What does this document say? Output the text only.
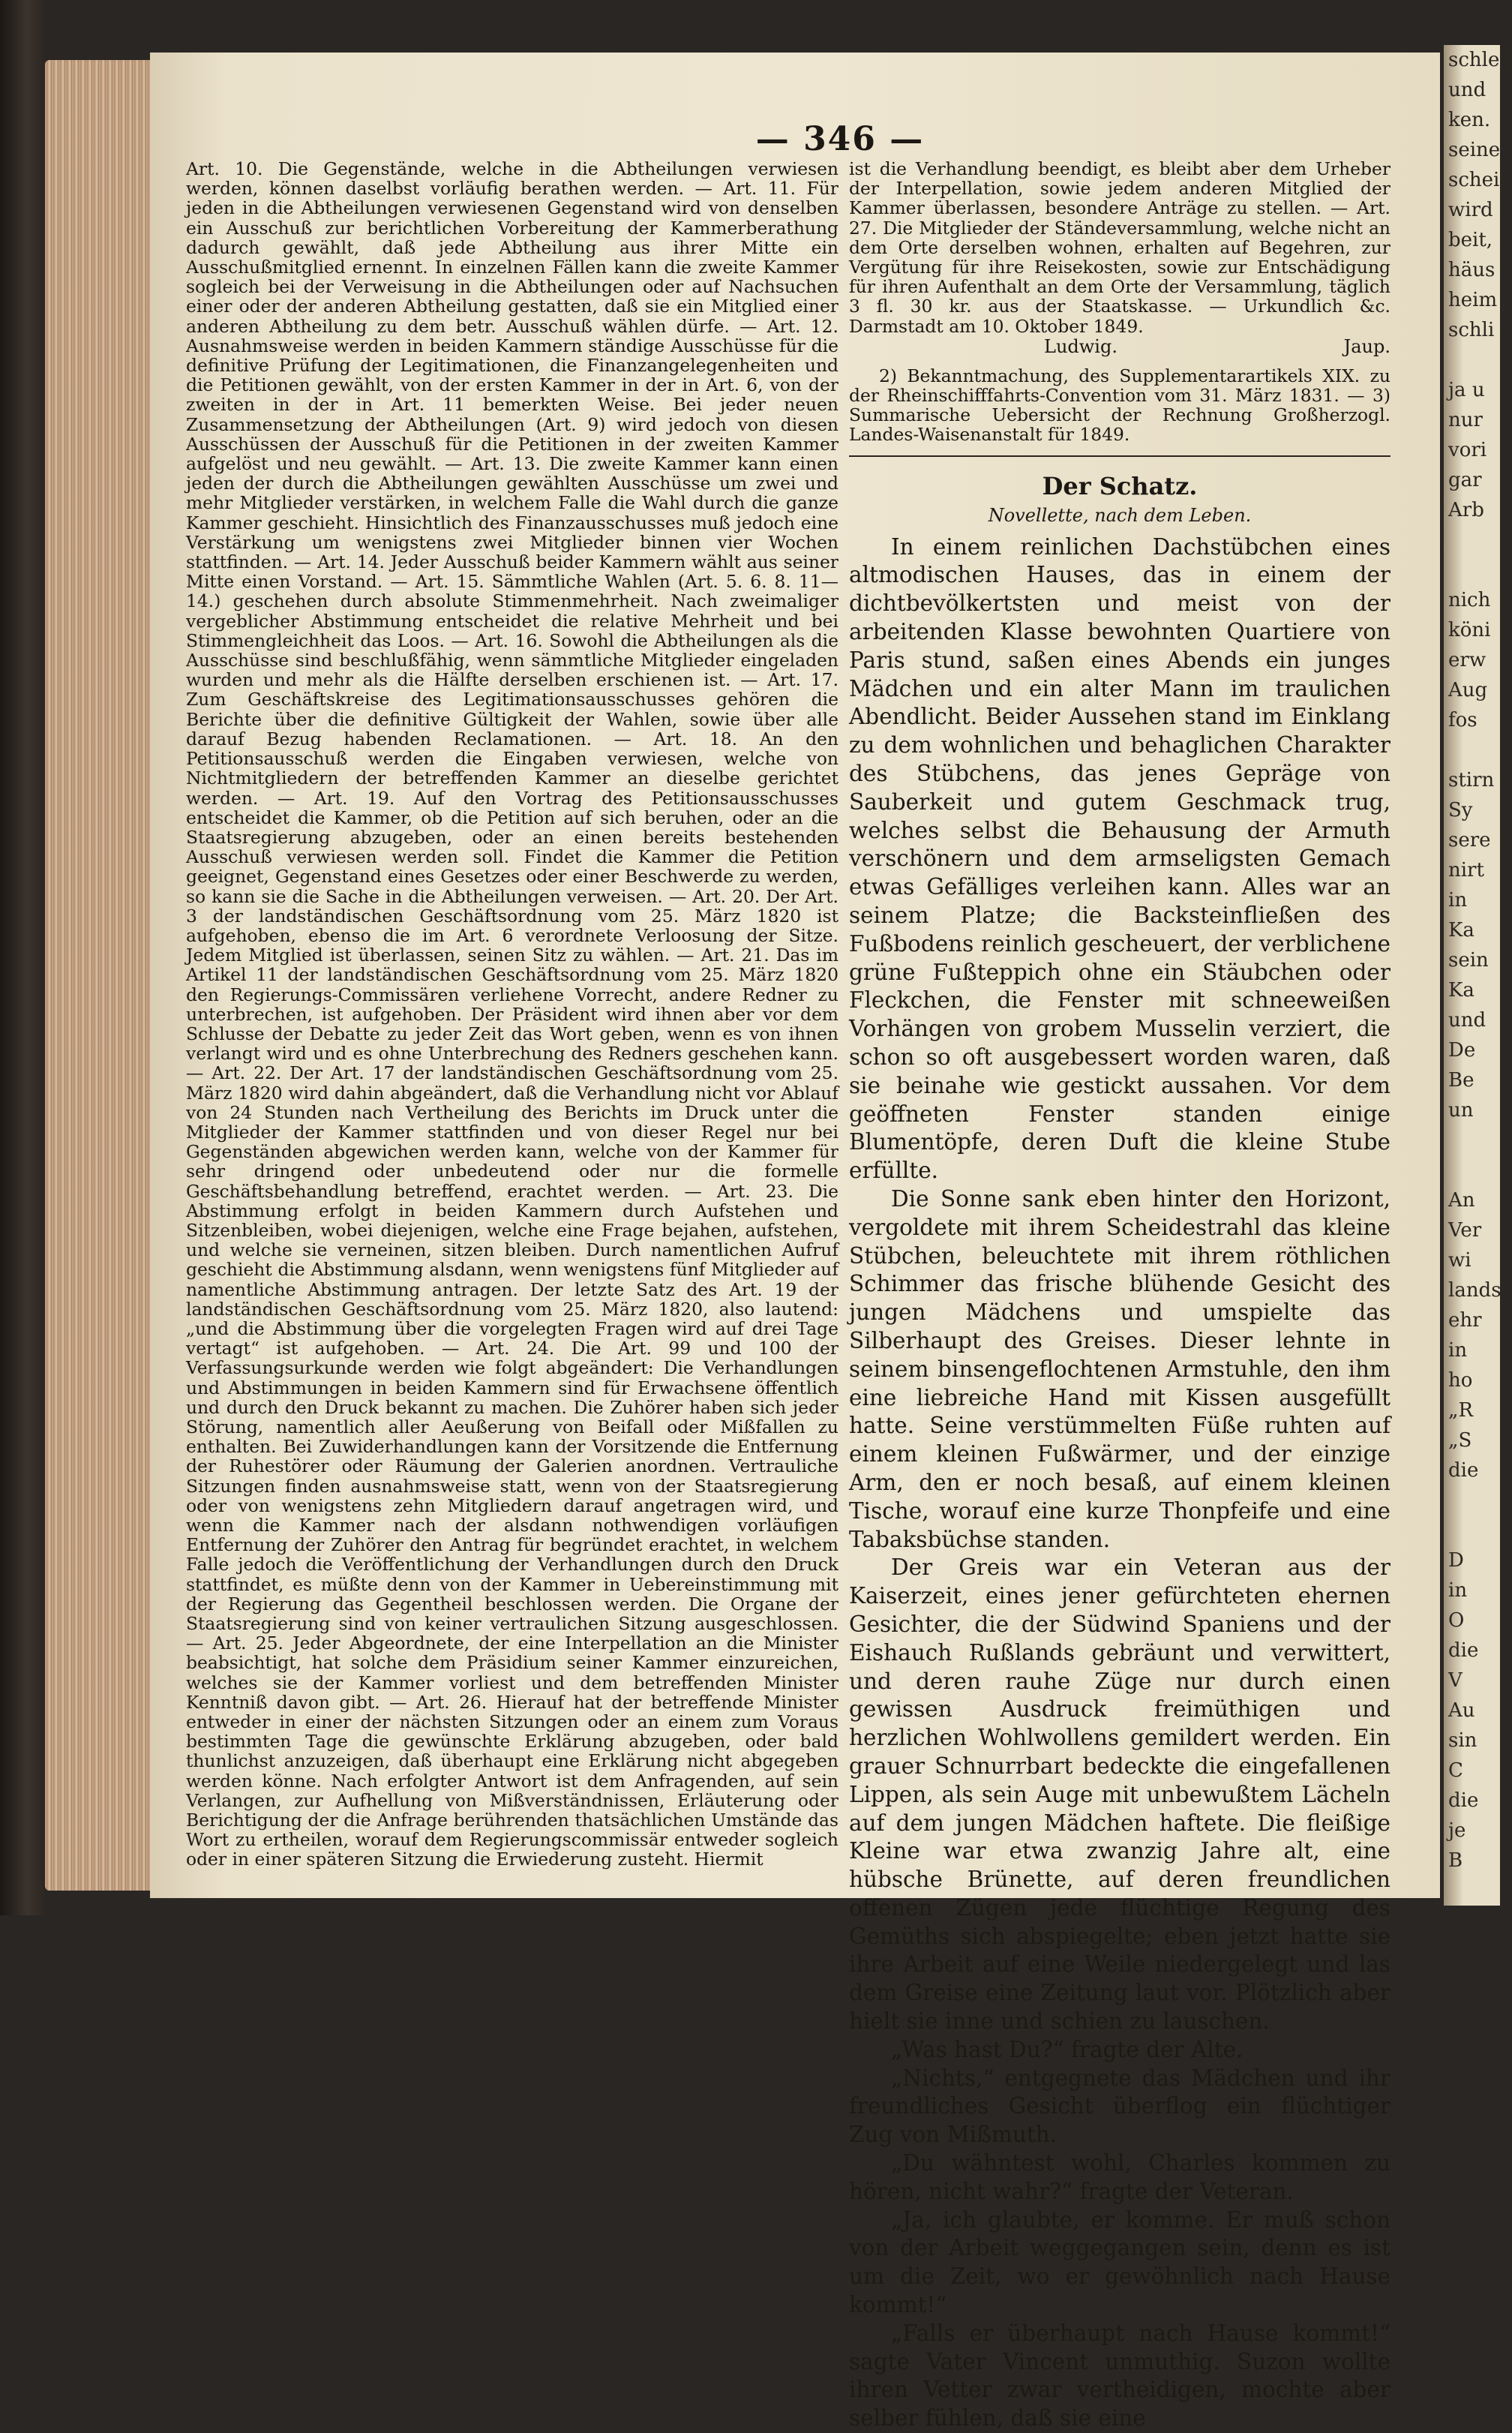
— 346 —

Art. 10. Die Gegenstände, welche in die Abtheilungen verwiesen werden, können daselbst vorläufig berathen werden. — Art. 11. Für jeden in die Abtheilungen verwiesenen Gegenstand wird von denselben ein Ausschuß zur berichtlichen Vorbereitung der Kammerberathung dadurch gewählt, daß jede Abtheilung aus ihrer Mitte ein Ausschußmitglied ernennt. In einzelnen Fällen kann die zweite Kammer sogleich bei der Verweisung in die Abtheilungen oder auf Nachsuchen einer oder der anderen Abtheilung gestatten, daß sie ein Mitglied einer anderen Abtheilung zu dem betr. Ausschuß wählen dürfe. — Art. 12. Ausnahmsweise werden in beiden Kammern ständige Ausschüsse für die definitive Prüfung der Legitimationen, die Finanzangelegenheiten und die Petitionen gewählt, von der ersten Kammer in der in Art. 6, von der zweiten in der in Art. 11 bemerkten Weise. Bei jeder neuen Zusammensetzung der Abtheilungen (Art. 9) wird jedoch von diesen Ausschüssen der Ausschuß für die Petitionen in der zweiten Kammer aufgelöst und neu gewählt. — Art. 13. Die zweite Kammer kann einen jeden der durch die Abtheilungen gewählten Ausschüsse um zwei und mehr Mitglieder verstärken, in welchem Falle die Wahl durch die ganze Kammer geschieht. Hinsichtlich des Finanzausschusses muß jedoch eine Verstärkung um wenigstens zwei Mitglieder binnen vier Wochen stattfinden. — Art. 14. Jeder Ausschuß beider Kammern wählt aus seiner Mitte einen Vorstand. — Art. 15. Sämmtliche Wahlen (Art. 5. 6. 8. 11—14.) geschehen durch absolute Stimmenmehrheit. Nach zweimaliger vergeblicher Abstimmung entscheidet die relative Mehrheit und bei Stimmengleichheit das Loos. — Art. 16. Sowohl die Abtheilungen als die Ausschüsse sind beschlußfähig, wenn sämmtliche Mitglieder eingeladen wurden und mehr als die Hälfte derselben erschienen ist. — Art. 17. Zum Geschäftskreise des Legitimationsausschusses gehören die Berichte über die definitive Gültigkeit der Wahlen, sowie über alle darauf Bezug habenden Reclamationen. — Art. 18. An den Petitionsausschuß werden die Eingaben verwiesen, welche von Nichtmitgliedern der betreffenden Kammer an dieselbe gerichtet werden. — Art. 19. Auf den Vortrag des Petitionsausschusses entscheidet die Kammer, ob die Petition auf sich beruhen, oder an die Staatsregierung abzugeben, oder an einen bereits bestehenden Ausschuß verwiesen werden soll. Findet die Kammer die Petition geeignet, Gegenstand eines Gesetzes oder einer Beschwerde zu werden, so kann sie die Sache in die Abtheilungen verweisen. — Art. 20. Der Art. 3 der landständischen Geschäftsordnung vom 25. März 1820 ist aufgehoben, ebenso die im Art. 6 verordnete Verloosung der Sitze. Jedem Mitglied ist überlassen, seinen Sitz zu wählen. — Art. 21. Das im Artikel 11 der landständischen Geschäftsordnung vom 25. März 1820 den Regierungs-Commissären verliehene Vorrecht, andere Redner zu unterbrechen, ist aufgehoben. Der Präsident wird ihnen aber vor dem Schlusse der Debatte zu jeder Zeit das Wort geben, wenn es von ihnen verlangt wird und es ohne Unterbrechung des Redners geschehen kann. — Art. 22. Der Art. 17 der landständischen Geschäftsordnung vom 25. März 1820 wird dahin abgeändert, daß die Verhandlung nicht vor Ablauf von 24 Stunden nach Vertheilung des Berichts im Druck unter die Mitglieder der Kammer stattfinden und von dieser Regel nur bei Gegenständen abgewichen werden kann, welche von der Kammer für sehr dringend oder unbedeutend oder nur die formelle Geschäftsbehandlung betreffend, erachtet werden. — Art. 23. Die Abstimmung erfolgt in beiden Kammern durch Aufstehen und Sitzenbleiben, wobei diejenigen, welche eine Frage bejahen, aufstehen, und welche sie verneinen, sitzen bleiben. Durch namentlichen Aufruf geschieht die Abstimmung alsdann, wenn wenigstens fünf Mitglieder auf namentliche Abstimmung antragen. Der letzte Satz des Art. 19 der landständischen Geschäftsordnung vom 25. März 1820, also lautend: „und die Abstimmung über die vorgelegten Fragen wird auf drei Tage vertagt“ ist aufgehoben. — Art. 24. Die Art. 99 und 100 der Verfassungsurkunde werden wie folgt abgeändert: Die Verhandlungen und Abstimmungen in beiden Kammern sind für Erwachsene öffentlich und durch den Druck bekannt zu machen. Die Zuhörer haben sich jeder Störung, namentlich aller Aeußerung von Beifall oder Mißfallen zu enthalten. Bei Zuwiderhandlungen kann der Vorsitzende die Entfernung der Ruhestörer oder Räumung der Galerien anordnen. Vertrauliche Sitzungen finden ausnahmsweise statt, wenn von der Staatsregierung oder von wenigstens zehn Mitgliedern darauf angetragen wird, und wenn die Kammer nach der alsdann nothwendigen vorläufigen Entfernung der Zuhörer den Antrag für begründet erachtet, in welchem Falle jedoch die Veröffentlichung der Verhandlungen durch den Druck stattfindet, es müßte denn von der Kammer in Uebereinstimmung mit der Regierung das Gegentheil beschlossen werden. Die Organe der Staatsregierung sind von keiner vertraulichen Sitzung ausgeschlossen. — Art. 25. Jeder Abgeordnete, der eine Interpellation an die Minister beabsichtigt, hat solche dem Präsidium seiner Kammer einzureichen, welches sie der Kammer vorliest und dem betreffenden Minister Kenntniß davon gibt. — Art. 26. Hierauf hat der betreffende Minister entweder in einer der nächsten Sitzungen oder an einem zum Voraus bestimmten Tage die gewünschte Erklärung abzugeben, oder bald thunlichst anzuzeigen, daß überhaupt eine Erklärung nicht abgegeben werden könne. Nach erfolgter Antwort ist dem Anfragenden, auf sein Verlangen, zur Aufhellung von Mißverständnissen, Erläuterung oder Berichtigung der die Anfrage berührenden thatsächlichen Umstände das Wort zu ertheilen, worauf dem Regierungscommissär entweder sogleich oder in einer späteren Sitzung die Erwiederung zusteht. Hiermit

ist die Verhandlung beendigt, es bleibt aber dem Urheber der Interpellation, sowie jedem anderen Mitglied der Kammer überlassen, besondere Anträge zu stellen. — Art. 27. Die Mitglieder der Ständeversammlung, welche nicht an dem Orte derselben wohnen, erhalten auf Begehren, zur Vergütung für ihre Reisekosten, sowie zur Entschädigung für ihren Aufenthalt an dem Orte der Versammlung, täglich 3 fl. 30 kr. aus der Staatskasse. — Urkundlich &c. Darmstadt am 10. Oktober 1849.

Ludwig.	Jaup.

2) Bekanntmachung, des Supplementarartikels XIX. zu der Rheinschifffahrts-Convention vom 31. März 1831. — 3) Summarische Uebersicht der Rechnung Großherzogl. Landes-Waisenanstalt für 1849.

Der Schatz.
Novellette, nach dem Leben.

In einem reinlichen Dachstübchen eines altmodischen Hauses, das in einem der dichtbevölkertsten und meist von der arbeitenden Klasse bewohnten Quartiere von Paris stund, saßen eines Abends ein junges Mädchen und ein alter Mann im traulichen Abendlicht. Beider Aussehen stand im Einklang zu dem wohnlichen und behaglichen Charakter des Stübchens, das jenes Gepräge von Sauberkeit und gutem Geschmack trug, welches selbst die Behausung der Armuth verschönern und dem armseligsten Gemach etwas Gefälliges verleihen kann. Alles war an seinem Platze; die Backsteinfließen des Fußbodens reinlich gescheuert, der verblichene grüne Fußteppich ohne ein Stäubchen oder Fleckchen, die Fenster mit schneeweißen Vorhängen von grobem Musselin verziert, die schon so oft ausgebessert worden waren, daß sie beinahe wie gestickt aussahen. Vor dem geöffneten Fenster standen einige Blumentöpfe, deren Duft die kleine Stube erfüllte.

Die Sonne sank eben hinter den Horizont, vergoldete mit ihrem Scheidestrahl das kleine Stübchen, beleuchtete mit ihrem röthlichen Schimmer das frische blühende Gesicht des jungen Mädchens und umspielte das Silberhaupt des Greises. Dieser lehnte in seinem binsengeflochtenen Armstuhle, den ihm eine liebreiche Hand mit Kissen ausgefüllt hatte. Seine verstümmelten Füße ruhten auf einem kleinen Fußwärmer, und der einzige Arm, den er noch besaß, auf einem kleinen Tische, worauf eine kurze Thonpfeife und eine Tabaksbüchse standen.

Der Greis war ein Veteran aus der Kaiserzeit, eines jener gefürchteten ehernen Gesichter, die der Südwind Spaniens und der Eishauch Rußlands gebräunt und verwittert, und deren rauhe Züge nur durch einen gewissen Ausdruck freimüthigen und herzlichen Wohlwollens gemildert werden. Ein grauer Schnurrbart bedeckte die eingefallenen Lippen, als sein Auge mit unbewußtem Lächeln auf dem jungen Mädchen haftete. Die fleißige Kleine war etwa zwanzig Jahre alt, eine hübsche Brünette, auf deren freundlichen offenen Zügen jede flüchtige Regung des Gemüths sich abspiegelte; eben jetzt hatte sie ihre Arbeit auf eine Weile niedergelegt und las dem Greise eine Zeitung laut vor. Plötzlich aber hielt sie inne und schien zu lauschen.

„Was hast Du?“ fragte der Alte.

„Nichts,“ entgegnete das Mädchen und ihr freundliches Gesicht überflog ein flüchtiger Zug von Mißmuth.

„Du wähntest wohl, Charles kommen zu hören, nicht wahr?“ fragte der Veteran.

„Ja, ich glaubte, er komme. Er muß schon von der Arbeit weggegangen sein, denn es ist um die Zeit, wo er gewöhnlich nach Hause kommt!“

„Falls er überhaupt nach Hause kommt!“ sagte Vater Vincent unmuthig. Suzon wollte ihren Vetter zwar vertheidigen, mochte aber selber fühlen, daß sie eine

schled
und
ken.
seine
schei
wird
beit,
häus
heim
schli

ja u
nur
vori
gar
Arb

nich
köni
erw
Aug
fos

stirn
Sy
sere
nirt
in
Ka
sein
Ka
und
De
Be
un

An
Ver
wi
lands
ehr
in
ho
„R
„S
die

D
in
O
die
V
Au
sin
C
die
je
B
